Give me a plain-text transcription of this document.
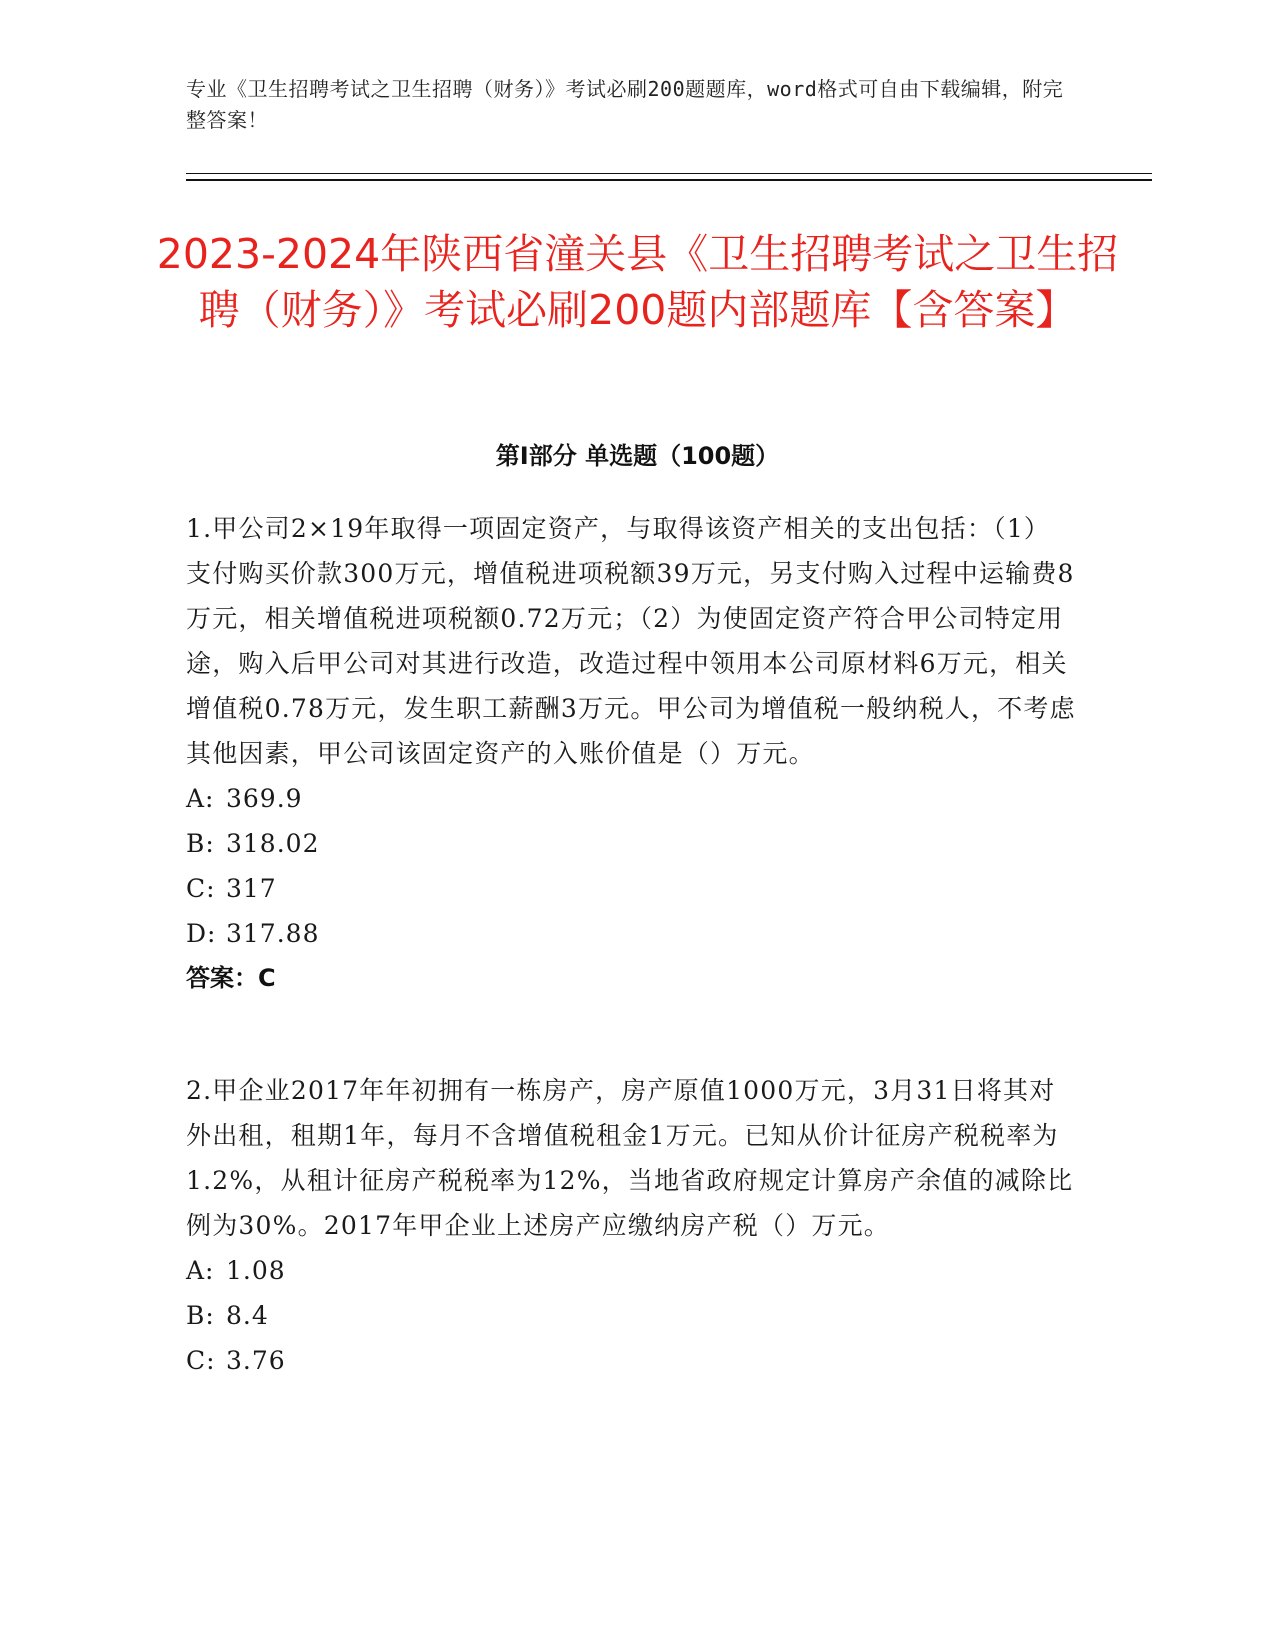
专业《卫生招聘考试之卫生招聘（财务）》考试必刷200题题库，word格式可自由下载编辑，附完整答案！
2023-2024年陕西省潼关县《卫生招聘考试之卫生招聘（财务）》考试必刷200题内部题库【含答案】
第I部分 单选题（100题）

1.甲公司2×19年取得一项固定资产，与取得该资产相关的支出包括：（1）支付购买价款300万元，增值税进项税额39万元，另支付购入过程中运输费8万元，相关增值税进项税额0.72万元；（2）为使固定资产符合甲公司特定用途，购入后甲公司对其进行改造，改造过程中领用本公司原材料6万元，相关增值税0.78万元，发生职工薪酬3万元。甲公司为增值税一般纳税人，不考虑其他因素，甲公司该固定资产的入账价值是（）万元。

A: 369.9
B: 318.02
C: 317
D: 317.88
答案：C

2.甲企业2017年年初拥有一栋房产，房产原值1000万元，3月31日将其对外出租，租期1年，每月不含增值税租金1万元。已知从价计征房产税税率为1.2%，从租计征房产税税率为12%，当地省政府规定计算房产余值的减除比例为30%。2017年甲企业上述房产应缴纳房产税（）万元。

A: 1.08
B: 8.4
C: 3.76
